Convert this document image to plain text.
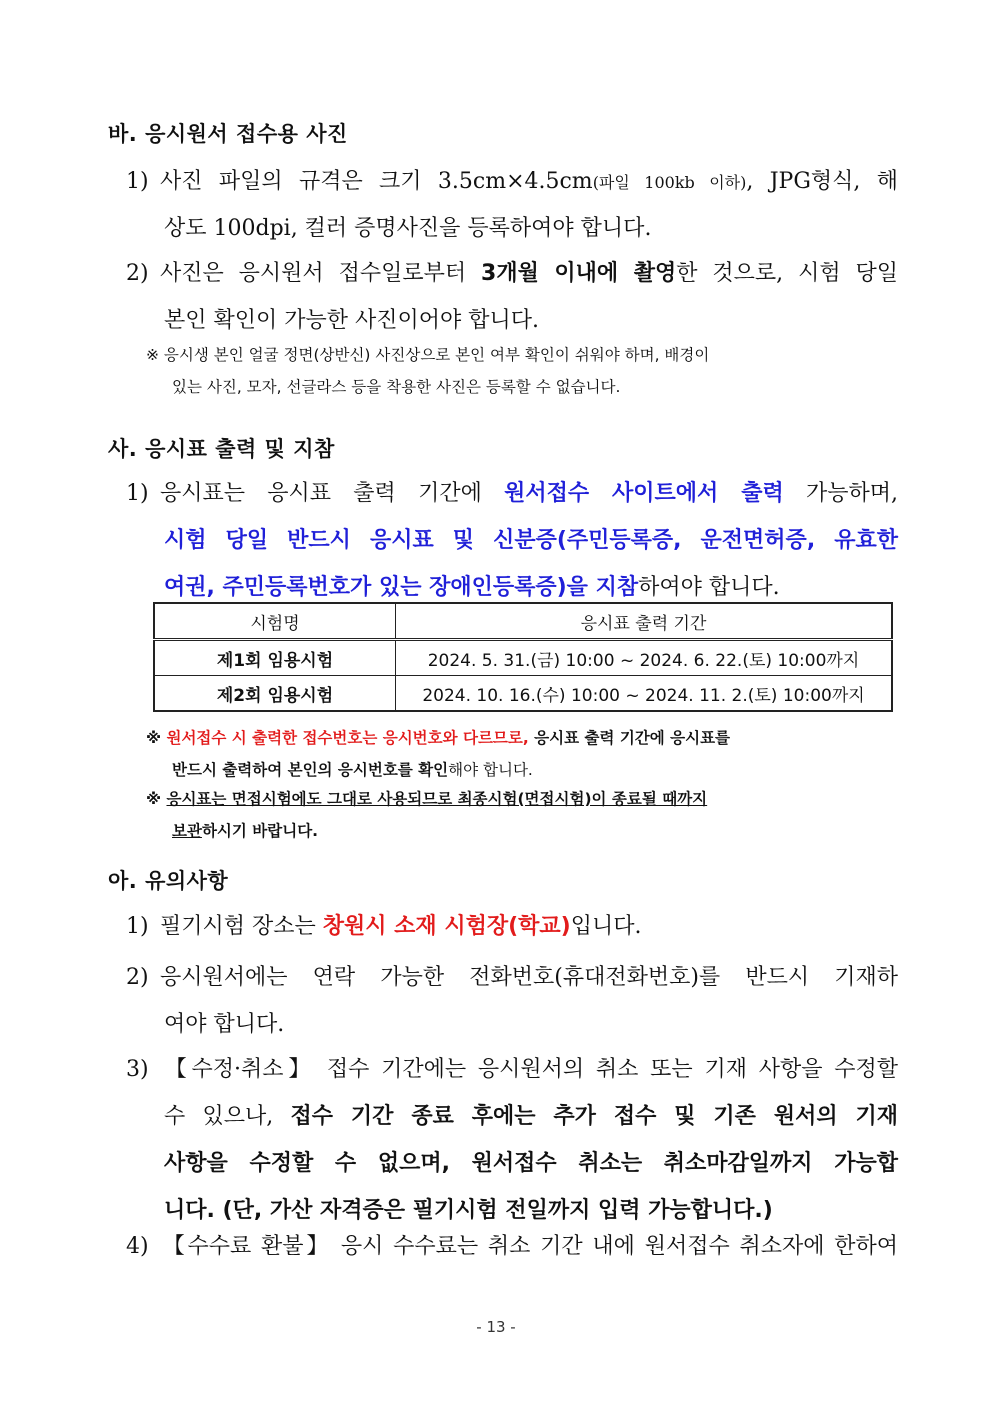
바. 응시원서 접수용 사진
1) 사진 파일의 규격은 크기 3.5cm×4.5cm(파일 100kb 이하), JPG형식, 해
상도 100dpi, 컬러 증명사진을 등록하여야 합니다.
2) 사진은 응시원서 접수일로부터 3개월 이내에 촬영한 것으로, 시험 당일
본인 확인이 가능한 사진이어야 합니다.
※ 응시생 본인 얼굴 정면(상반신) 사진상으로 본인 여부 확인이 쉬워야 하며, 배경이
있는 사진, 모자, 선글라스 등을 착용한 사진은 등록할 수 없습니다.
사. 응시표 출력 및 지참
1) 응시표는 응시표 출력 기간에 원서접수 사이트에서 출력 가능하며,
시험 당일 반드시 응시표 및 신분증(주민등록증, 운전면허증, 유효한
여권, 주민등록번호가 있는 장애인등록증)을 지참하여야 합니다.
시험명	응시표 출력 기간
제1회 임용시험	2024. 5. 31.(금) 10:00 ~ 2024. 6. 22.(토) 10:00까지
제2회 임용시험	2024. 10. 16.(수) 10:00 ~ 2024. 11. 2.(토) 10:00까지
※ 원서접수 시 출력한 접수번호는 응시번호와 다르므로, 응시표 출력 기간에 응시표를
반드시 출력하여 본인의 응시번호를 확인해야 합니다.
※ 응시표는 면접시험에도 그대로 사용되므로 최종시험(면접시험)이 종료될 때까지
보관하시기 바랍니다.
아. 유의사항
1) 필기시험 장소는 창원시 소재 시험장(학교)입니다.
2) 응시원서에는 연락 가능한 전화번호(휴대전화번호)를 반드시 기재하
여야 합니다.
3) 【수정·취소】 접수 기간에는 응시원서의 취소 또는 기재 사항을 수정할
수 있으나, 접수 기간 종료 후에는 추가 접수 및 기존 원서의 기재
사항을 수정할 수 없으며, 원서접수 취소는 취소마감일까지 가능합
니다. (단, 가산 자격증은 필기시험 전일까지 입력 가능합니다.)
4) 【수수료 환불】 응시 수수료는 취소 기간 내에 원서접수 취소자에 한하여
- 13 -
